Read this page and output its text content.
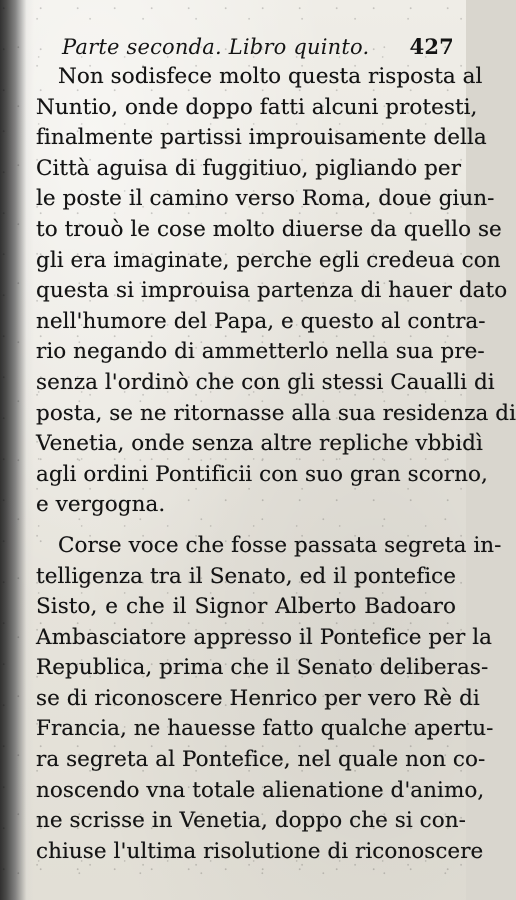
Parte seconda. Libro quinto. 427
Non sodisfece molto questa risposta al
Nuntio, onde doppo fatti alcuni protesti,
finalmente partissi improuisamente della
Città aguisa di fuggitiuo, pigliando per
le poste il camino verso Roma, doue giun-
to trouò le cose molto diuerse da quello se
gli era imaginate, perche egli credeua con
questa si improuisa partenza di hauer dato
nell'humore del Papa, e questo al contra-
rio negando di ammetterlo nella sua pre-
senza l'ordinò che con gli stessi Caualli di
posta, se ne ritornasse alla sua residenza di
Venetia, onde senza altre repliche vbbidì
agli ordini Pontificii con suo gran scorno,
e vergogna.
Corse voce che fosse passata segreta in-
telligenza tra il Senato, ed il pontefice
Sisto, e che il Signor Alberto Badoaro
Ambasciatore appresso il Pontefice per la
Republica, prima che il Senato deliberas-
se di riconoscere Henrico per vero Rè di
Francia, ne hauesse fatto qualche apertu-
ra segreta al Pontefice, nel quale non co-
noscendo vna totale alienatione d'animo,
ne scrisse in Venetia, doppo che si con-
chiuse l'ultima risolutione di riconoscere
